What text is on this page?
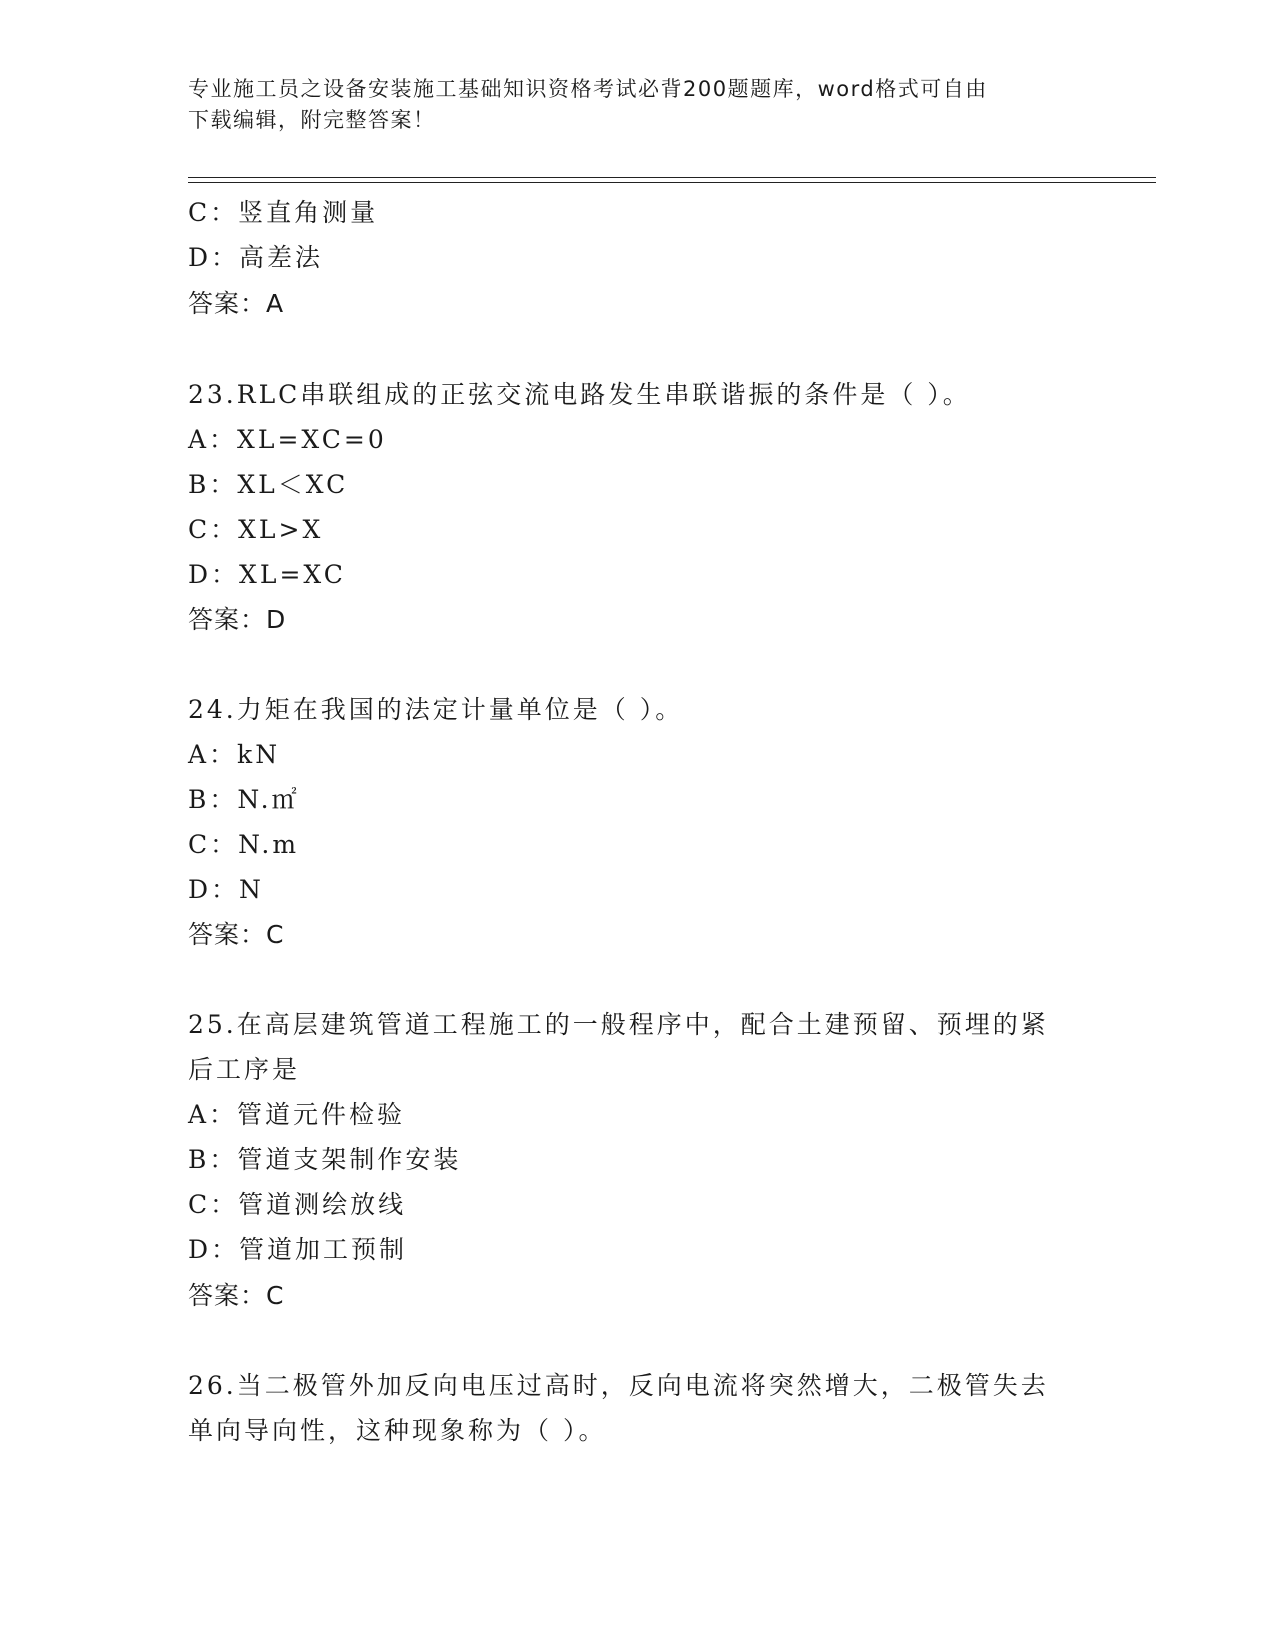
专业施工员之设备安装施工基础知识资格考试必背200题题库，word格式可自由
下载编辑，附完整答案！
C：竖直角测量
D：高差法
答案：A
23.RLC串联组成的正弦交流电路发生串联谐振的条件是（ ）。
A：XL=XC=0
B：XL＜XC
C：XL>X
D：XL=XC
答案：D
24.力矩在我国的法定计量单位是（ ）。
A：kN
B：N.㎡
C：N.m
D：N
答案：C
25.在高层建筑管道工程施工的一般程序中，配合土建预留、预埋的紧
后工序是
A：管道元件检验
B：管道支架制作安装
C：管道测绘放线
D：管道加工预制
答案：C
26.当二极管外加反向电压过高时，反向电流将突然增大，二极管失去
单向导向性，这种现象称为（ ）。
